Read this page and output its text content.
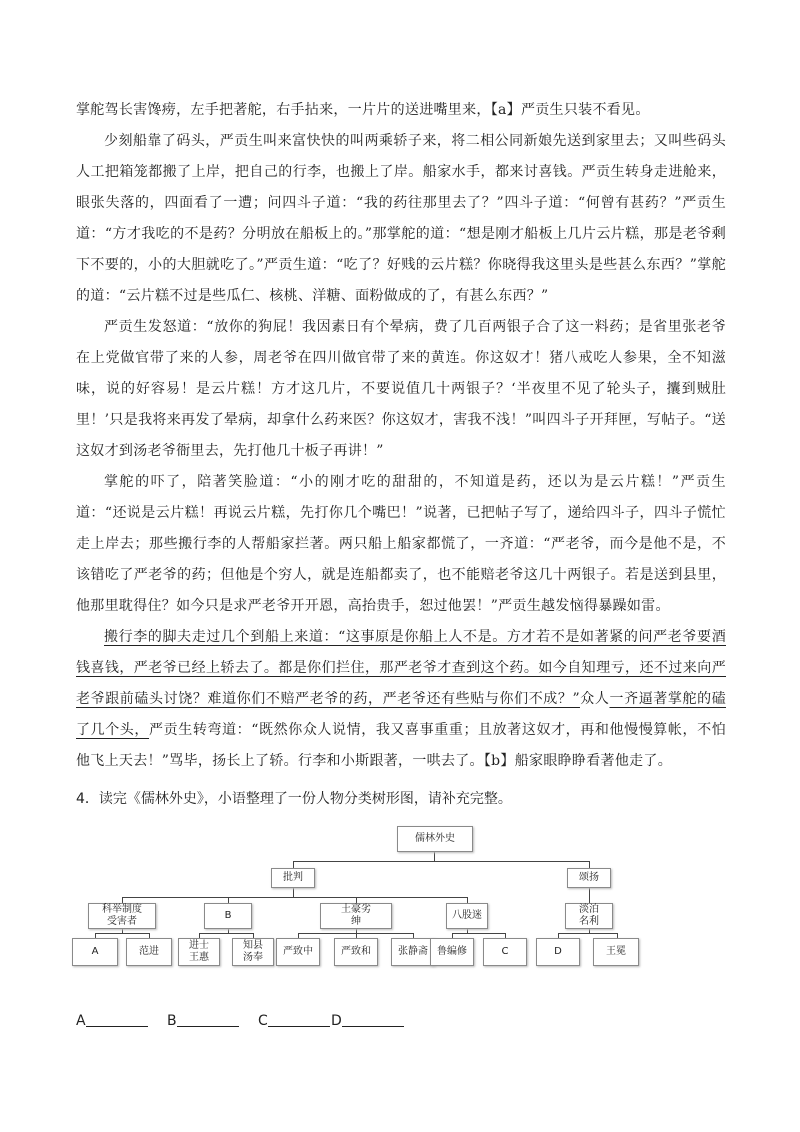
掌舵驾长害馋痨，左手把著舵，右手拈来，一片片的送进嘴里来，【a】严贡生只装不看见。

少刻船靠了码头，严贡生叫来富快快的叫两乘轿子来，将二相公同新娘先送到家里去；又叫些码头人工把箱笼都搬了上岸，把自己的行李，也搬上了岸。船家水手，都来讨喜钱。严贡生转身走进舱来，眼张失落的，四面看了一遭；问四斗子道：“我的药往那里去了？”四斗子道：“何曾有甚药？”严贡生道：“方才我吃的不是药？分明放在船板上的。”那掌舵的道：“想是刚才船板上几片云片糕，那是老爷剩下不要的，小的大胆就吃了。”严贡生道：“吃了？好贱的云片糕？你晓得我这里头是些甚么东西？”掌舵的道：“云片糕不过是些瓜仁、核桃、洋糖、面粉做成的了，有甚么东西？”

严贡生发怒道：“放你的狗屁！我因素日有个晕病，费了几百两银子合了这一料药；是省里张老爷在上党做官带了来的人参，周老爷在四川做官带了来的黄连。你这奴才！猪八戒吃人参果，全不知滋味，说的好容易！是云片糕！方才这几片，不要说值几十两银子？‘半夜里不见了轮头子，攮到贼肚里！’只是我将来再发了晕病，却拿什么药来医？你这奴才，害我不浅！”叫四斗子开拜匣，写帖子。“送这奴才到汤老爷衙里去，先打他几十板子再讲！”

掌舵的吓了，陪著笑脸道：“小的刚才吃的甜甜的，不知道是药，还以为是云片糕！”严贡生道：“还说是云片糕！再说云片糕，先打你几个嘴巴！”说著，已把帖子写了，递给四斗子，四斗子慌忙走上岸去；那些搬行李的人帮船家拦著。两只船上船家都慌了，一齐道：“严老爷，而今是他不是，不该错吃了严老爷的药；但他是个穷人，就是连船都卖了，也不能赔老爷这几十两银子。若是送到县里，他那里耽得住？如今只是求严老爷开开恩，高抬贵手，恕过他罢！”严贡生越发恼得暴躁如雷。

搬行李的脚夫走过几个到船上来道：“这事原是你船上人不是。方才若不是如著紧的问严老爷要酒钱喜钱，严老爷已经上轿去了。都是你们拦住，那严老爷才查到这个药。如今自知理亏，还不过来向严老爷跟前磕头讨饶？难道你们不赔严老爷的药，严老爷还有些贴与你们不成？”众人一齐逼著掌舵的磕了几个头，严贡生转弯道：“既然你众人说情，我又喜事重重；且放著这奴才，再和他慢慢算帐，不怕他飞上天去！”骂毕，扬长上了轿。行李和小斯跟著，一哄去了。【b】船家眼睁睁看著他走了。

4．读完《儒林外史》，小语整理了一份人物分类树形图，请补充完整。
儒林外史
批判	颂扬
科举制度
受害者
B
土豪劣
绅
八股迷
淡泊
名利
A	范进
进士
王惠
知县
汤奉
严致中	严致和	张静斋 鲁编修	C	D	王冕
A	B	C	D
